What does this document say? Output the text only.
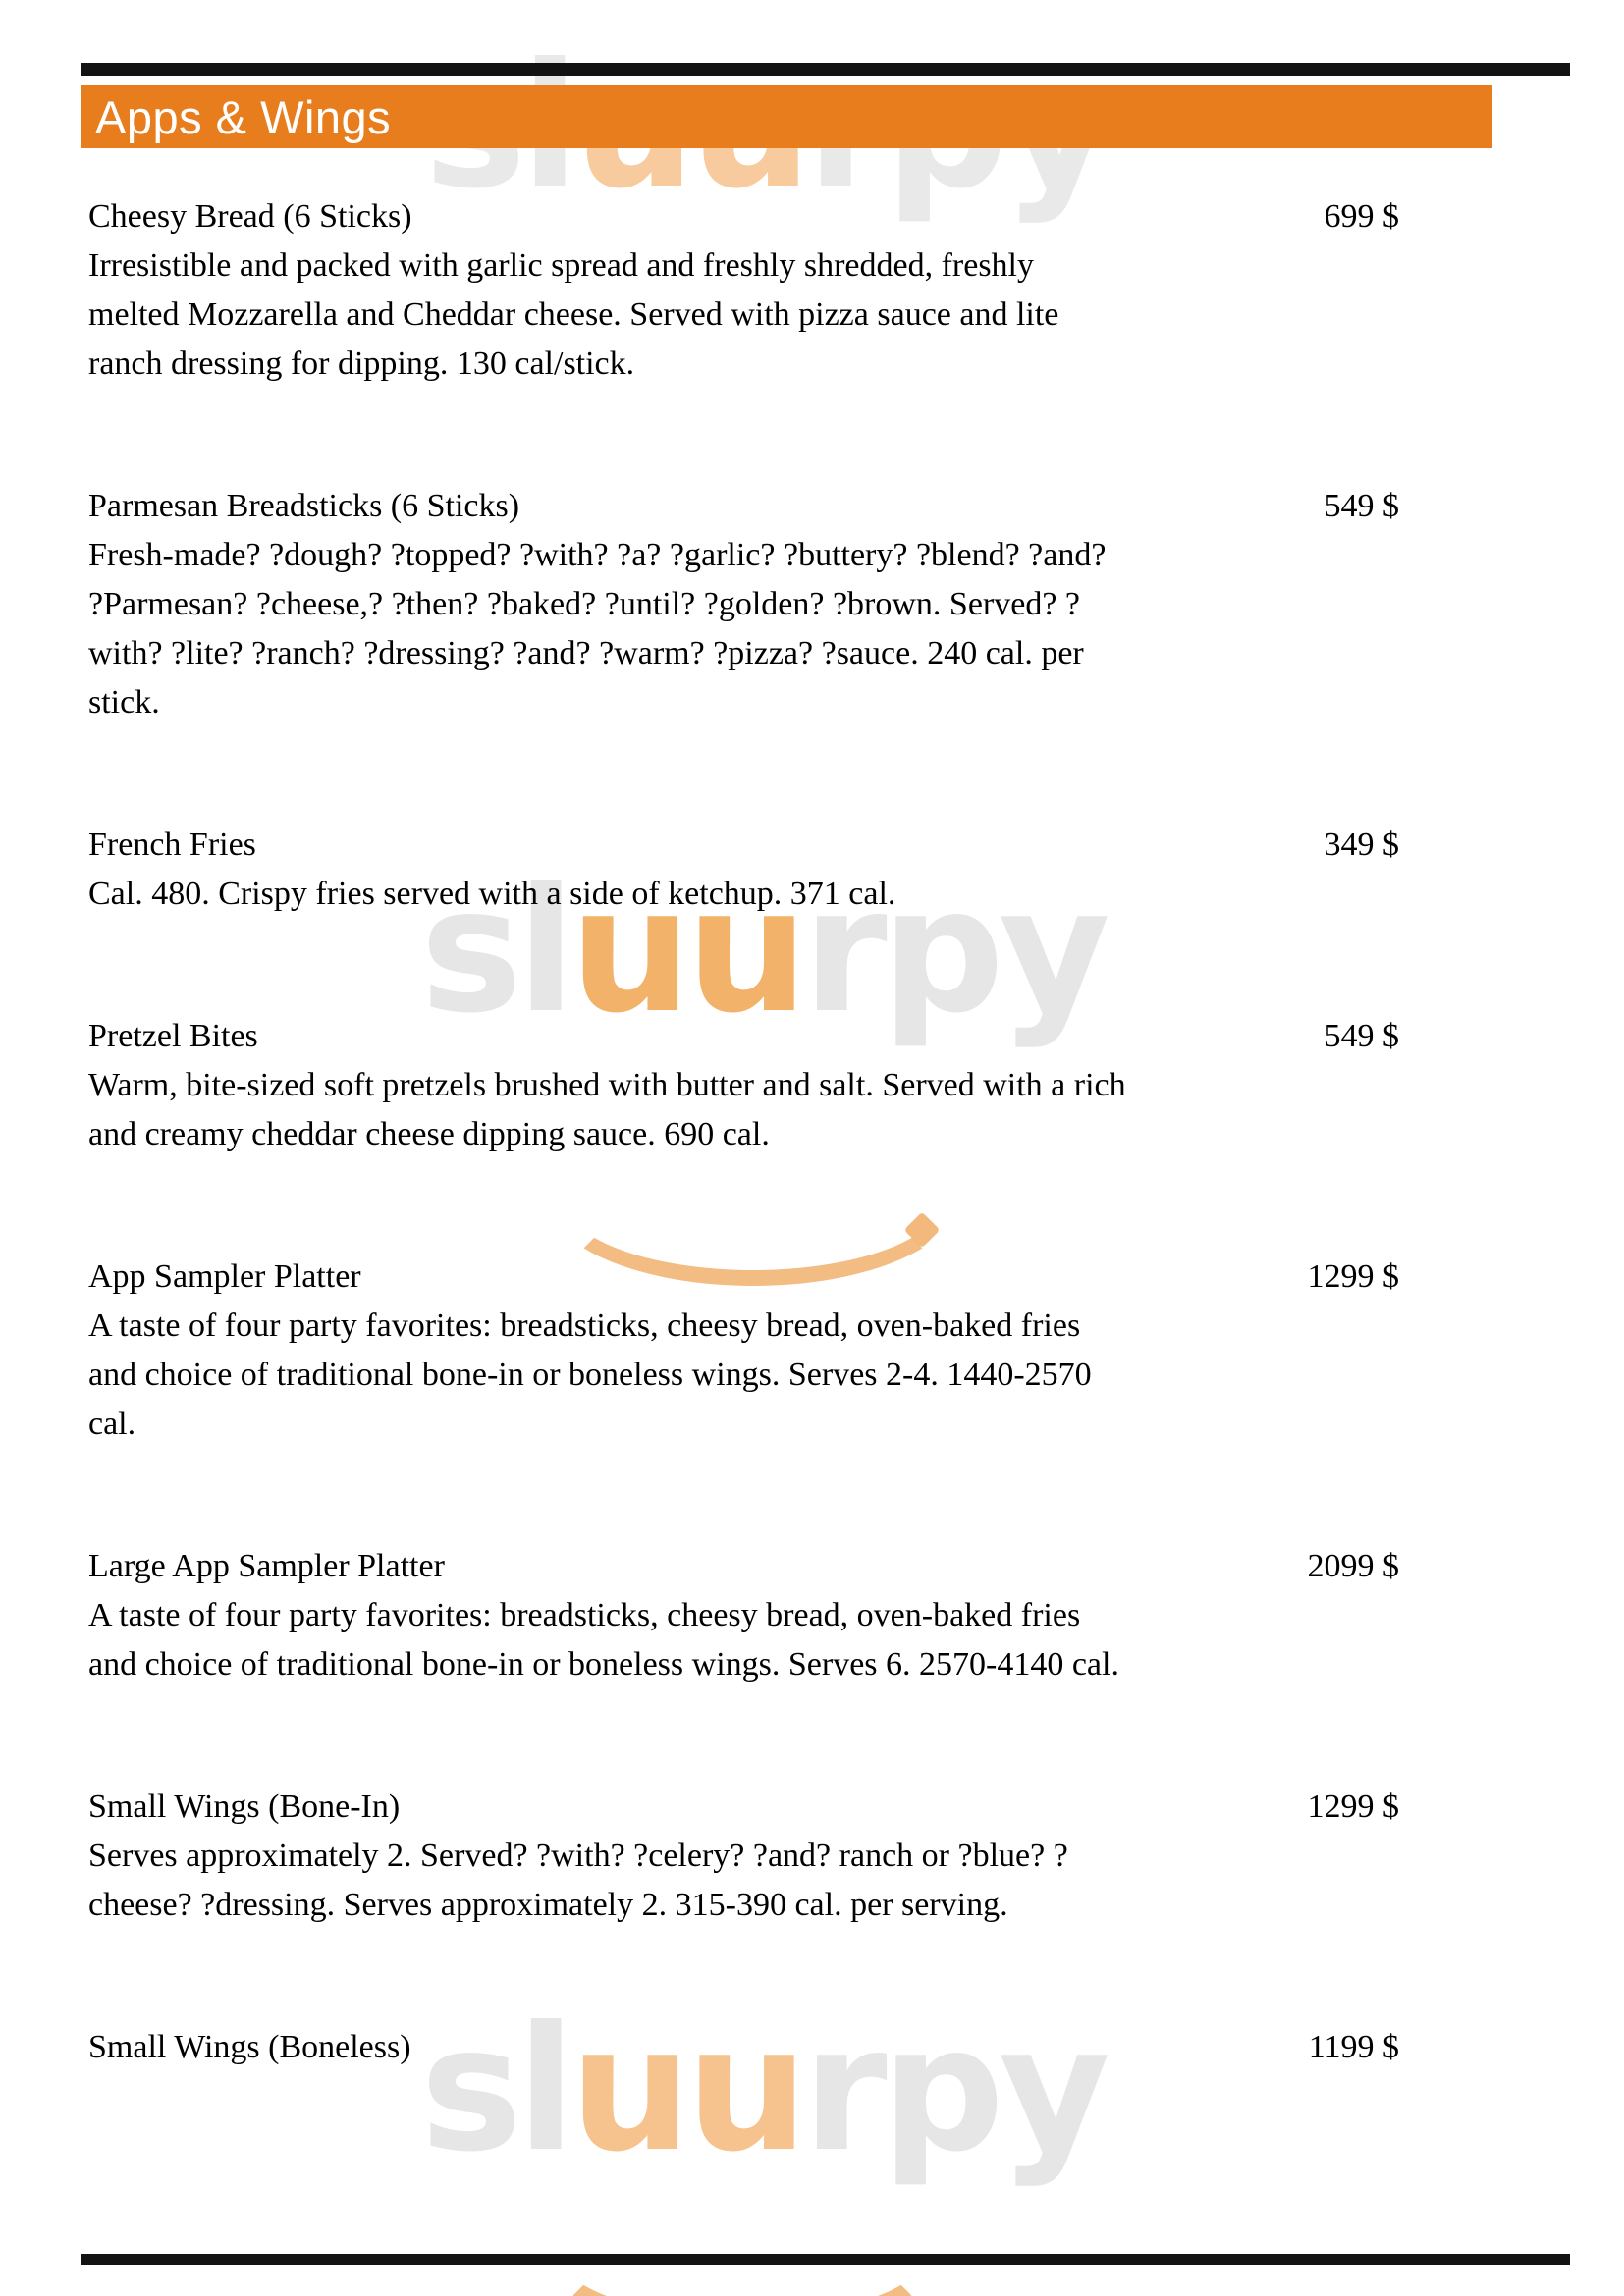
sluurpy
sluurpy
Apps & Wings
Cheesy Bread (6 Sticks)	699 $

Irresistible and packed with garlic spread and freshly shredded, freshly melted Mozzarella and Cheddar cheese. Served with pizza sauce and lite ranch dressing for dipping. 130 cal/stick.

Parmesan Breadsticks (6 Sticks)	549 $

Fresh-made? ?dough? ?topped? ?with? ?a? ?garlic? ?buttery? ?blend? ?and? ?Parmesan? ?cheese,? ?then? ?baked? ?until? ?golden? ?brown. Served? ?with? ?lite? ?ranch? ?dressing? ?and? ?warm? ?pizza? ?sauce. 240 cal. per stick.

French Fries	349 $

Cal. 480. Crispy fries served with a side of ketchup. 371 cal.

Pretzel Bites	549 $

Warm, bite-sized soft pretzels brushed with butter and salt. Served with a rich and creamy cheddar cheese dipping sauce. 690 cal.

App Sampler Platter	1299 $

A taste of four party favorites: breadsticks, cheesy bread, oven-baked fries and choice of traditional bone-in or boneless wings. Serves 2-4. 1440-2570 cal.

Large App Sampler Platter	2099 $

A taste of four party favorites: breadsticks, cheesy bread, oven-baked fries and choice of traditional bone-in or boneless wings. Serves 6. 2570-4140 cal.

Small Wings (Bone-In)	1299 $

Serves approximately 2. Served? ?with? ?celery? ?and? ranch or ?blue? ?cheese? ?dressing. Serves approximately 2. 315-390 cal. per serving.

Small Wings (Boneless)	1199 $
